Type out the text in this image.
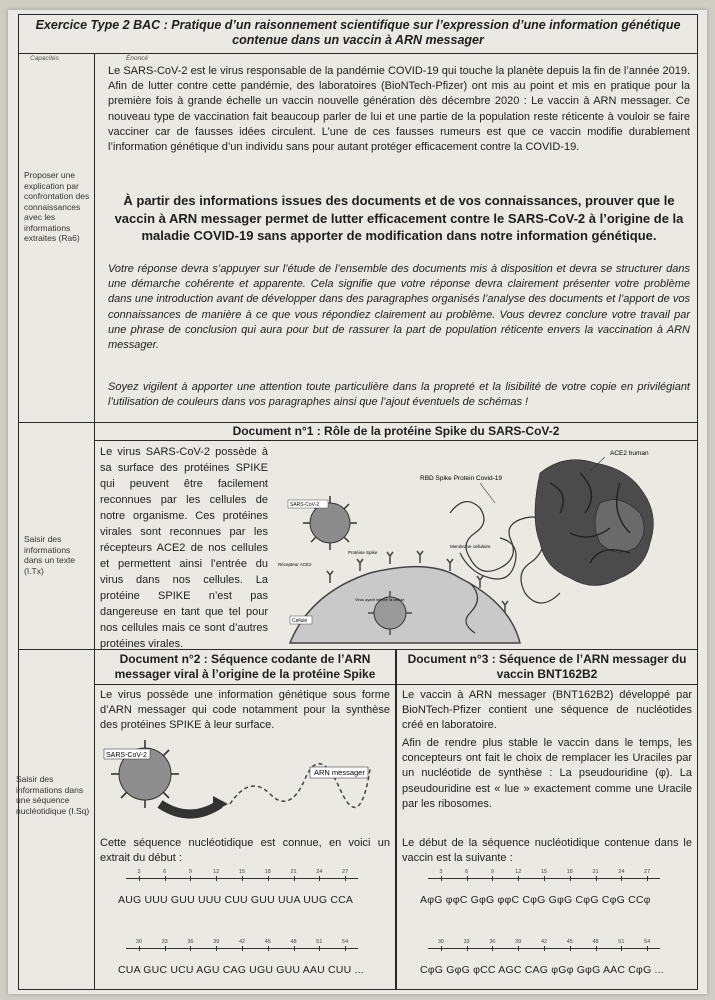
Exercice Type 2 BAC : Pratique d’un raisonnement scientifique sur l’expression d’une information génétique contenue dans un vaccin à ARN messager
Capacités	Énoncé
Proposer une explication par confrontation des connaissances avec les informations extraites (Ra6)
Saisir des informations dans un texte (I.Tx)
Saisir des informations dans une séquence nucléotidique (I.Sq)
Le SARS-CoV-2 est le virus responsable de la pandémie COVID-19 qui touche la planète depuis la fin de l’année 2019. Afin de lutter contre cette pandémie, des laboratoires (BioNTech-Pfizer) ont mis au point et mis en pratique pour la première fois à grande échelle un vaccin nouvelle génération dès décembre 2020 : Le vaccin à ARN messager. Ce nouveau type de vaccination fait beaucoup parler de lui et une partie de la population reste réticente à vouloir se faire vacciner car de fausses idées circulent. L’une de ces fausses rumeurs est que ce vaccin modifie durablement l’information génétique d’un individu sans pour autant protéger efficacement contre la COVID-19.
À partir des informations issues des documents et de vos connaissances, prouver que le vaccin à ARN messager permet de lutter efficacement contre le SARS-CoV-2 à l’origine de la maladie COVID-19 sans apporter de modification dans notre information génétique.
Votre réponse devra s’appuyer sur l’étude de l’ensemble des documents mis à disposition et devra se structurer dans une démarche cohérente et apparente. Cela signifie que votre réponse devra clairement présenter votre problème dans une introduction avant de développer dans des paragraphes organisés l’analyse des documents et l’apport de vos connaissances de manière à ce que vous répondiez clairement au problème. Vous devrez conclure votre travail par une phrase de conclusion qui aura pour but de rassurer la part de population réticente envers la vaccination à ARN messager.
Soyez vigilent à apporter une attention toute particulière dans la propreté et la lisibilité de votre copie en privilégiant l’utilisation de couleurs dans vos paragraphes ainsi que l’ajout éventuels de schémas !
Document n°1 : Rôle de la protéine Spike du SARS-CoV-2
Le virus SARS-CoV-2 possède à sa surface des protéines SPIKE qui peuvent être facilement reconnues par les cellules de notre organisme. Ces protéines virales sont reconnues par les récepteurs ACE2 de nos cellules et permettent ainsi l’entrée du virus dans nos cellules. La protéine SPIKE n’est pas dangereuse en tant que tel pour nos cellules mais ce sont d’autres protéines virales.
SARS-CoV-2
Protéine Spike
Récepteur ACE2
Membrane cellulaire
Virus ayant infecté la cellule
Cellule
ACE2 human
RBD Spike Protein Covid-19
Document n°2 : Séquence codante de l’ARN messager viral à l’origine de la protéine Spike
Document n°3 : Séquence de l’ARN messager du vaccin BNT162B2
Le virus possède une information génétique sous forme d’ARN messager qui code notamment pour la synthèse des protéines SPIKE à leur surface.
SARS-CoV-2
ARN messager
Cette séquence nucléotidique est connue, en voici un extrait du début :
3	6	9	12	15	18	21	24	27
AUG UUU GUU UUU CUU GUU UUA UUG CCA
30	33	36	39	42	45	48	51	54
CUA GUC UCU AGU CAG UGU GUU AAU CUU ...
Le vaccin à ARN messager (BNT162B2) développé par BioNTech-Pfizer contient une séquence de nucléotides créé en laboratoire.
Afin de rendre plus stable le vaccin dans le temps, les concepteurs ont fait le choix de remplacer les Uraciles par un nucléotide de synthèse : La pseudouridine (φ). La pseudouridine est « lue » exactement comme une Uracile par les ribosomes.
Le début de la séquence nucléotidique contenue dans le vaccin est la suivante :
3	6	9	12	15	18	21	24	27
AφG φφC GφG φφC CφG GφG CφG CφG CCφ
30	33	36	39	42	45	48	51	54
CφG GφG φCC AGC CAG φGφ GφG AAC CφG ...
